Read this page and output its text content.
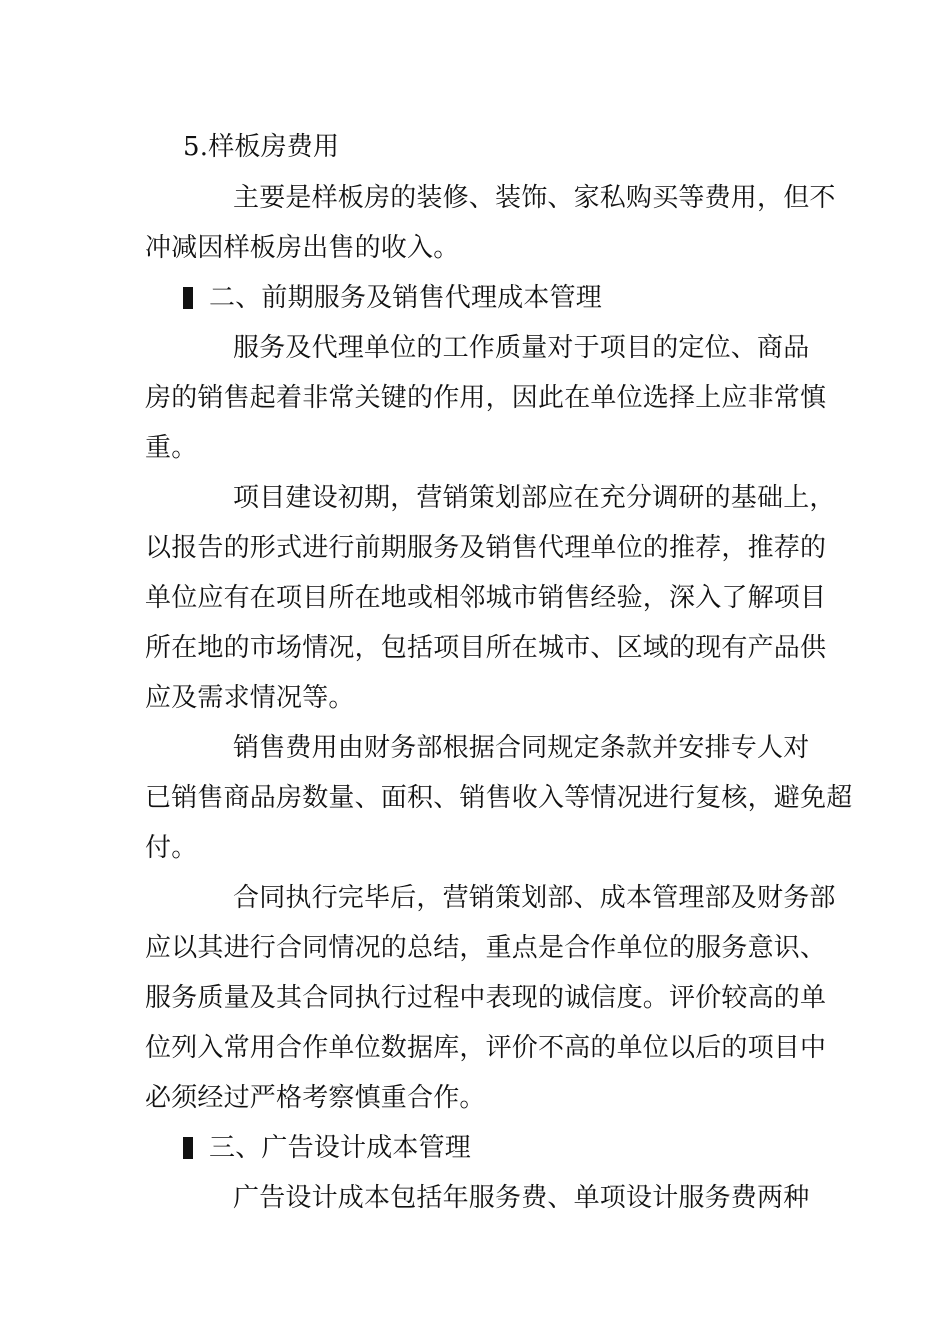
5.样板房费用
主要是样板房的装修、装饰、家私购买等费用，但不
冲减因样板房出售的收入。
二、前期服务及销售代理成本管理
服务及代理单位的工作质量对于项目的定位、商品
房的销售起着非常关键的作用，因此在单位选择上应非常慎
重。
项目建设初期，营销策划部应在充分调研的基础上，
以报告的形式进行前期服务及销售代理单位的推荐，推荐的
单位应有在项目所在地或相邻城市销售经验，深入了解项目
所在地的市场情况，包括项目所在城市、区域的现有产品供
应及需求情况等。
销售费用由财务部根据合同规定条款并安排专人对
已销售商品房数量、面积、销售收入等情况进行复核，避免超
付。
合同执行完毕后，营销策划部、成本管理部及财务部
应以其进行合同情况的总结，重点是合作单位的服务意识、
服务质量及其合同执行过程中表现的诚信度。评价较高的单
位列入常用合作单位数据库，评价不高的单位以后的项目中
必须经过严格考察慎重合作。
三、广告设计成本管理
广告设计成本包括年服务费、单项设计服务费两种
